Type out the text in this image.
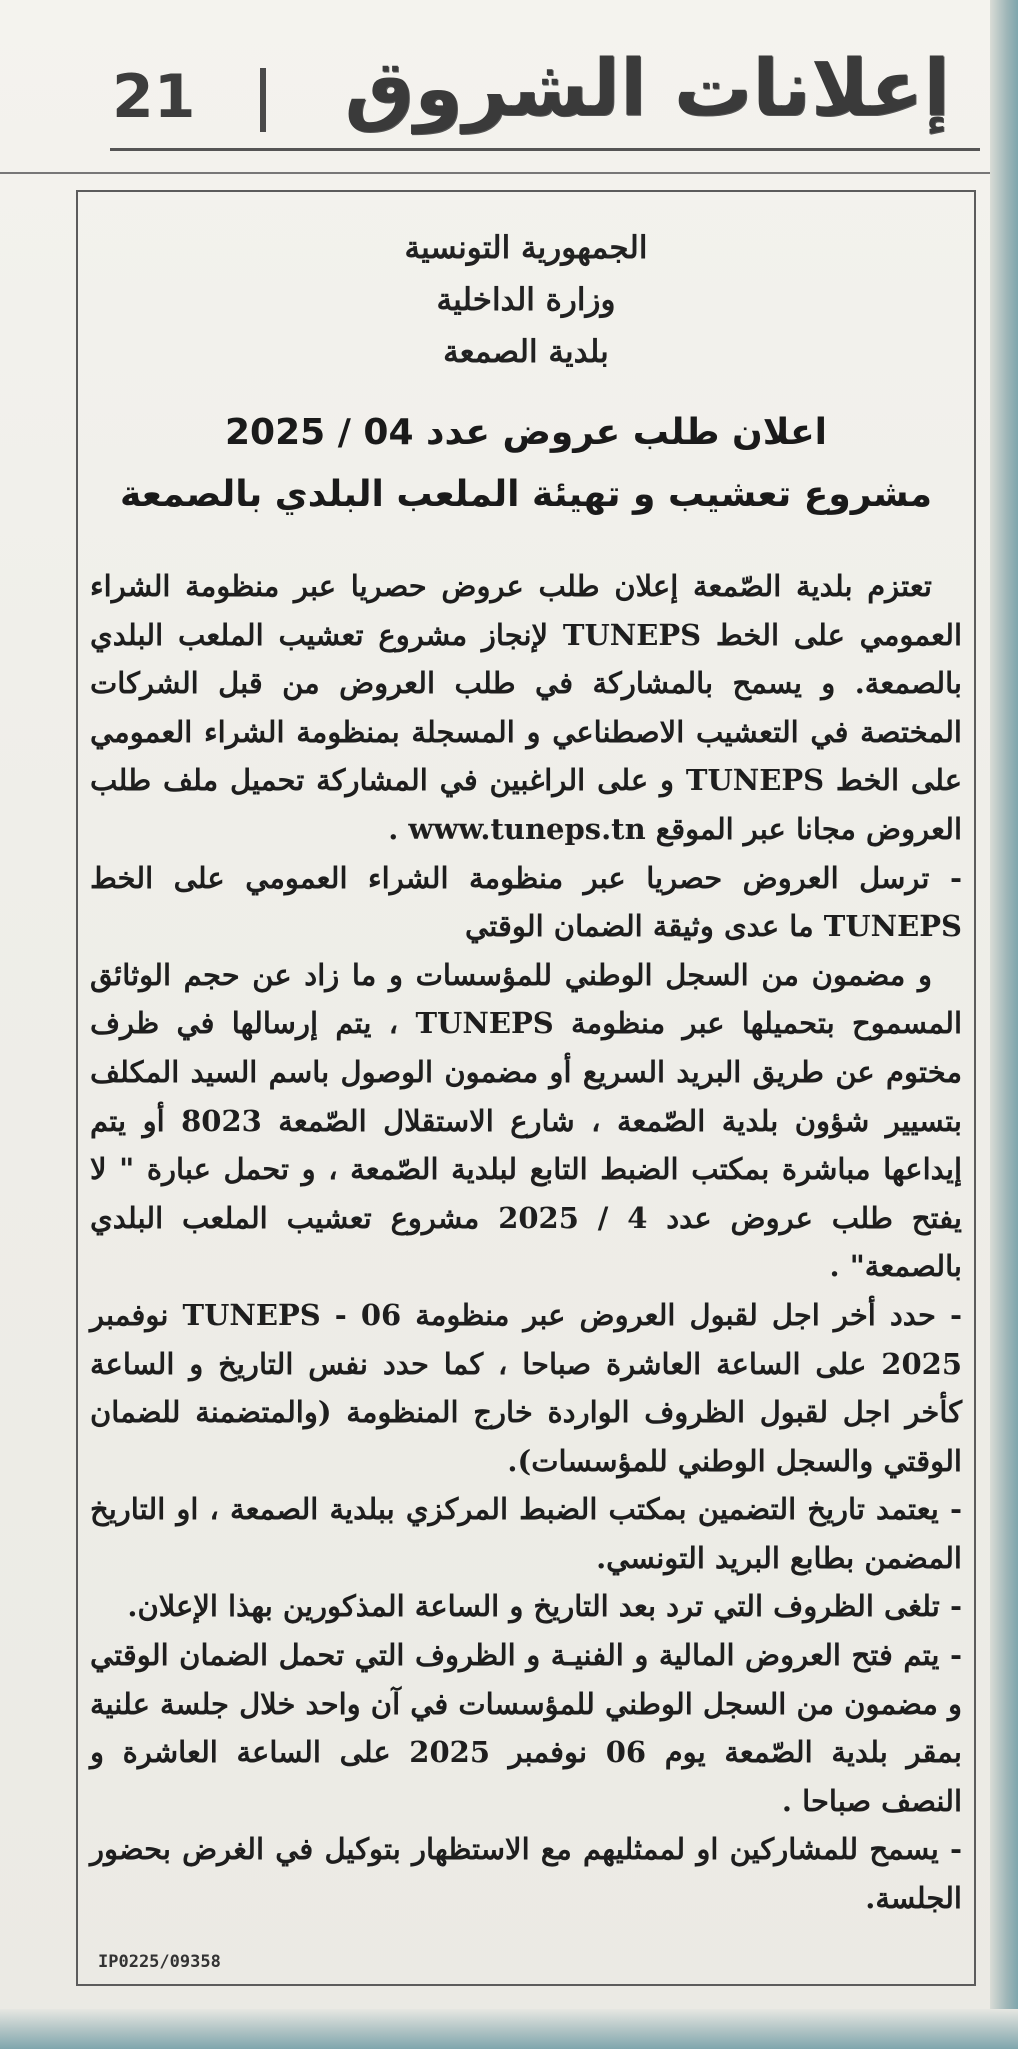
21 إعلانات الشروق
الجمهورية التونسية
وزارة الداخلية
بلدية الصمعة
اعلان طلب عروض عدد 04 / 2025
مشروع تعشيب و تهيئة الملعب البلدي بالصمعة

تعتزم بلدية الصّمعة إعلان طلب عروض حصريا عبر منظومة الشراء العمومي على الخط TUNEPS لإنجاز مشروع تعشيب الملعب البلدي بالصمعة. و يسمح بالمشاركة في طلب العروض من قبل الشركات المختصة في التعشيب الاصطناعي و المسجلة بمنظومة الشراء العمومي على الخط TUNEPS و على الراغبين في المشاركة تحميل ملف طلب العروض مجانا عبر الموقع www.tuneps.tn .

- ترسل العروض حصريا عبر منظومة الشراء العمومي على الخط TUNEPS ما عدى وثيقة الضمان الوقتي

و مضمون من السجل الوطني للمؤسسات و ما زاد عن حجم الوثائق المسموح بتحميلها عبر منظومة TUNEPS ، يتم إرسالها في ظرف مختوم عن طريق البريد السريع أو مضمون الوصول باسم السيد المكلف بتسيير شؤون بلدية الصّمعة ، شارع الاستقلال الصّمعة 8023 أو يتم إيداعها مباشرة بمكتب الضبط التابع لبلدية الصّمعة ، و تحمل عبارة " لا يفتح طلب عروض عدد 4 / 2025 مشروع تعشيب الملعب البلدي بالصمعة" .

- حدد أخر اجل لقبول العروض عبر منظومة TUNEPS - 06 نوفمبر 2025 على الساعة العاشرة صباحا ، كما حدد نفس التاريخ و الساعة كأخر اجل لقبول الظروف الواردة خارج المنظومة (والمتضمنة للضمان الوقتي والسجل الوطني للمؤسسات).

- يعتمد تاريخ التضمين بمكتب الضبط المركزي ببلدية الصمعة ، او التاريخ المضمن بطابع البريد التونسي.

- تلغى الظروف التي ترد بعد التاريخ و الساعة المذكورين بهذا الإعلان.

- يتم فتح العروض المالية و الفنيـة و الظروف التي تحمل الضمان الوقتي و مضمون من السجل الوطني للمؤسسات في آن واحد خلال جلسة علنية بمقر بلدية الصّمعة يوم 06 نوفمبر 2025 على الساعة العاشرة و النصف صباحا .

- يسمح للمشاركين او لممثليهم مع الاستظهار بتوكيل في الغرض بحضور الجلسة.

IP0225/09358
